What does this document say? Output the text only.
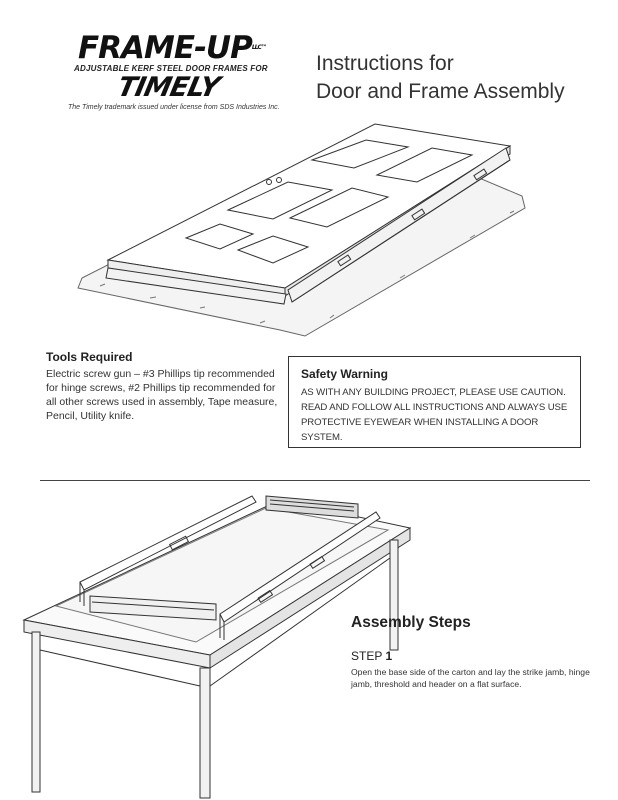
FRAME-$UP^{LLC™}$
ADJUSTABLE KERF STEEL DOOR FRAMES FOR
TIMELY
The Timely trademark issued under license from SDS Industries Inc.
Instructions for
Door and Frame Assembly
Tools Required

Electric screw gun – #3 Phillips tip recommended for hinge screws, #2 Phillips tip recommended for all other screws used in assembly, Tape measure, Pencil, Utility knife.

Safety Warning

AS WITH ANY BUILDING PROJECT, PLEASE USE CAUTION. READ AND FOLLOW ALL INSTRUCTIONS AND ALWAYS USE PROTECTIVE EYEWEAR WHEN INSTALLING A DOOR SYSTEM.

Assembly Steps
STEP 1

Open the base side of the carton and lay the strike jamb, hinge jamb, threshold and header on a flat surface.
